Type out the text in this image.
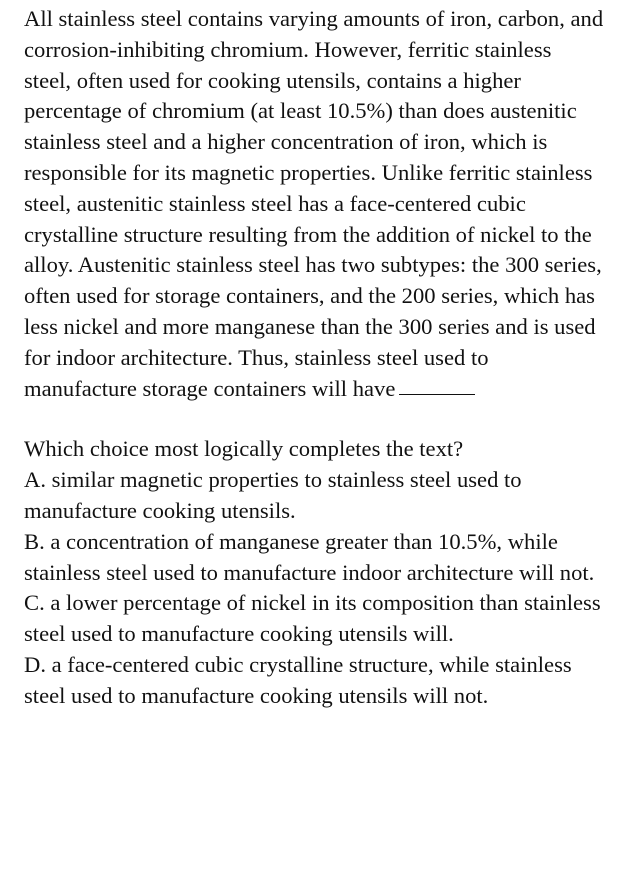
All stainless steel contains varying amounts of iron, carbon, and corrosion-inhibiting chromium. However, ferritic stainless steel, often used for cooking utensils, contains a higher percentage of chromium (at least 10.5%) than does austenitic stainless steel and a higher concentration of iron, which is responsible for its magnetic properties. Unlike ferritic stainless steel, austenitic stainless steel has a face-centered cubic crystalline structure resulting from the addition of nickel to the alloy. Austenitic stainless steel has two subtypes: the 300 series, often used for storage containers, and the 200 series, which has less nickel and more manganese than the 300 series and is used for indoor architecture. Thus, stainless steel used to manufacture storage containers will have

Which choice most logically completes the text?

A. similar magnetic properties to stainless steel used to manufacture cooking utensils.
B. a concentration of manganese greater than 10.5%, while stainless steel used to manufacture indoor architecture will not.
C. a lower percentage of nickel in its composition than stainless steel used to manufacture cooking utensils will.
D. a face-centered cubic crystalline structure, while stainless steel used to manufacture cooking utensils will not.
